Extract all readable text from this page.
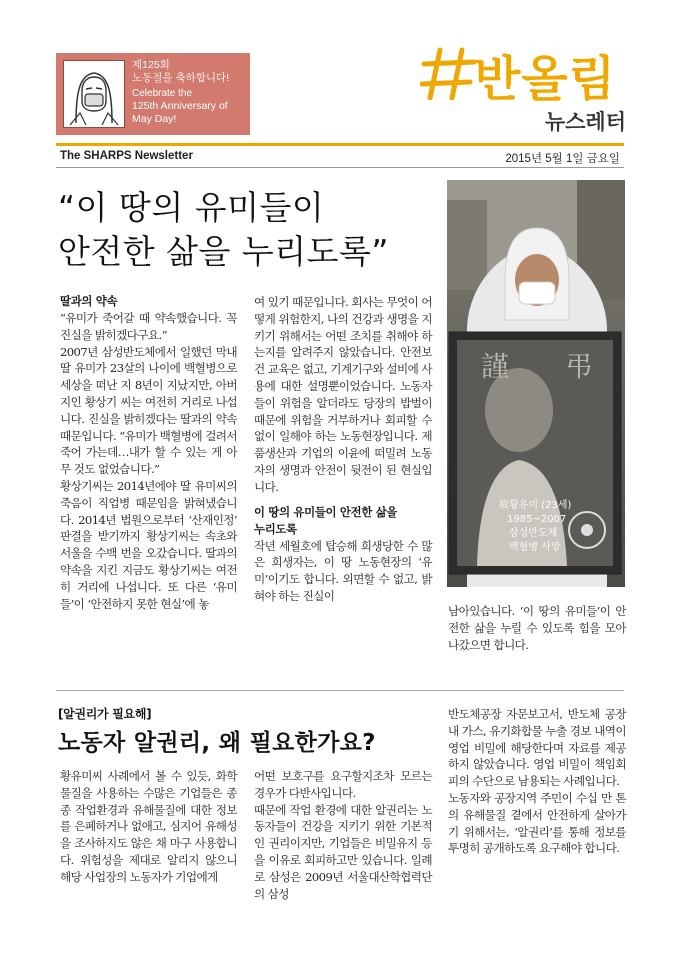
제125회
노동절을 축하합니다!
Celebrate the
125th Anniversary of
May Day!
반올림
뉴스레터
The SHARPS Newsletter	2015년 5월 1일 금요일
“이 땅의 유미들이
안전한 삶을 누리도록”
謹 弔
故황유미 (23세)
1985~2007
삼성반도체
백혈병 사망
딸과의 약속

“유미가 죽어갈 때 약속했습니다. 꼭 진실을 밝히겠다구요.”

2007년 삼성반도체에서 일했던 막내딸 유미가 23살의 나이에 백혈병으로 세상을 떠난 지 8년이 지났지만, 아버지인 황상기 씨는 여전히 거리로 나섭니다. 진실을 밝히겠다는 딸과의 약속 때문입니다. “유미가 백혈병에 걸려서 죽어 가는데…내가 할 수 있는 게 아무 것도 없었습니다.”

황상기씨는 2014년에야 딸 유미씨의 죽음이 직업병 때문임을 밝혀냈습니다. 2014년 법원으로부터 ‘산재인정’ 판결을 받기까지 황상기씨는 속초와 서울을 수백 번을 오갔습니다. 딸과의 약속을 지킨 지금도 황상기씨는 여전히 거리에 나섭니다. 또 다른 ‘유미들’이 ‘안전하지 못한 현실’에 놓

여 있기 때문입니다. 회사는 무엇이 어떻게 위험한지, 나의 건강과 생명을 지키기 위해서는 어떤 조치를 취해야 하는지를 알려주지 않았습니다. 안전보건 교육은 없고, 기계기구와 설비에 사용에 대한 설명뿐이었습니다. 노동자들이 위험을 알더라도 당장의 밥벌이 때문에 위험을 거부하거나 회피할 수 없이 일해야 하는 노동현장입니다. 제품생산과 기업의 이윤에 떠밀려 노동자의 생명과 안전이 뒷전이 된 현실입니다.

이 땅의 유미들이 안전한 삶을
누리도록

작년 세월호에 탑승해 희생당한 수 많은 희생자는, 이 땅 노동현장의 ‘유미’이기도 합니다. 외면할 수 없고, 밝혀야 하는 진실이

남아있습니다. ‘이 땅의 유미들’이 안전한 삶을 누릴 수 있도록 힘을 모아 나갔으면 합니다.

[알권리가 필요해]
노동자 알권리, 왜 필요한가요?

황유미씨 사례에서 볼 수 있듯, 화학물질을 사용하는 수많은 기업들은 종종 작업환경과 유해물질에 대한 정보를 은폐하거나 없애고, 심지어 유해성을 조사하지도 않은 채 마구 사용합니다. 위험성을 제대로 알리지 않으니 해당 사업장의 노동자가 기업에게

어떤 보호구를 요구할지조차 모르는 경우가 다반사입니다.

때문에 작업 환경에 대한 알권리는 노동자들이 건강을 지키기 위한 기본적인 권리이지만, 기업들은 비밀유지 등을 이유로 회피하고만 있습니다. 일례로 삼성은 2009년 서울대산학협력단의 삼성

반도체공장 자문보고서, 반도체 공장 내 가스, 유기화합물 누출 경보 내역이 영업 비밀에 해당한다며 자료를 제공하지 않았습니다. 영업 비밀이 책임회피의 수단으로 남용되는 사례입니다.

노동자와 공장지역 주민이 수십 만 톤의 유해물질 곁에서 안전하게 살아가기 위해서는, ‘알권리’를 통해 정보를 투명히 공개하도록 요구해야 합니다.
